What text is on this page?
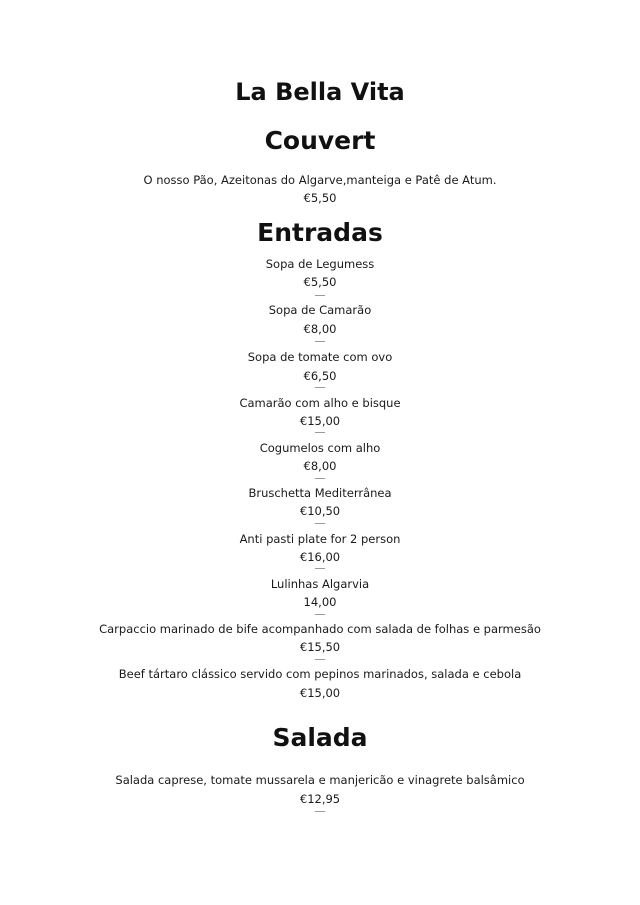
La Bella Vita
Couvert
O nosso Pão, Azeitonas do Algarve,manteiga e Patê de Atum.
€5,50
Entradas
Sopa de Legumess
€5,50
Sopa de Camarão
€8,00
Sopa de tomate com ovo
€6,50
Camarão com alho e bisque
€15,00
Cogumelos com alho
€8,00
Bruschetta Mediterrânea
€10,50
Anti pasti plate for 2 person
€16,00
Lulinhas Algarvia
14,00
Carpaccio marinado de bife acompanhado com salada de folhas e parmesão
€15,50
Beef tártaro clássico servido com pepinos marinados, salada e cebola
€15,00
Salada
Salada caprese, tomate mussarela e manjericão e vinagrete balsâmico
€12,95
